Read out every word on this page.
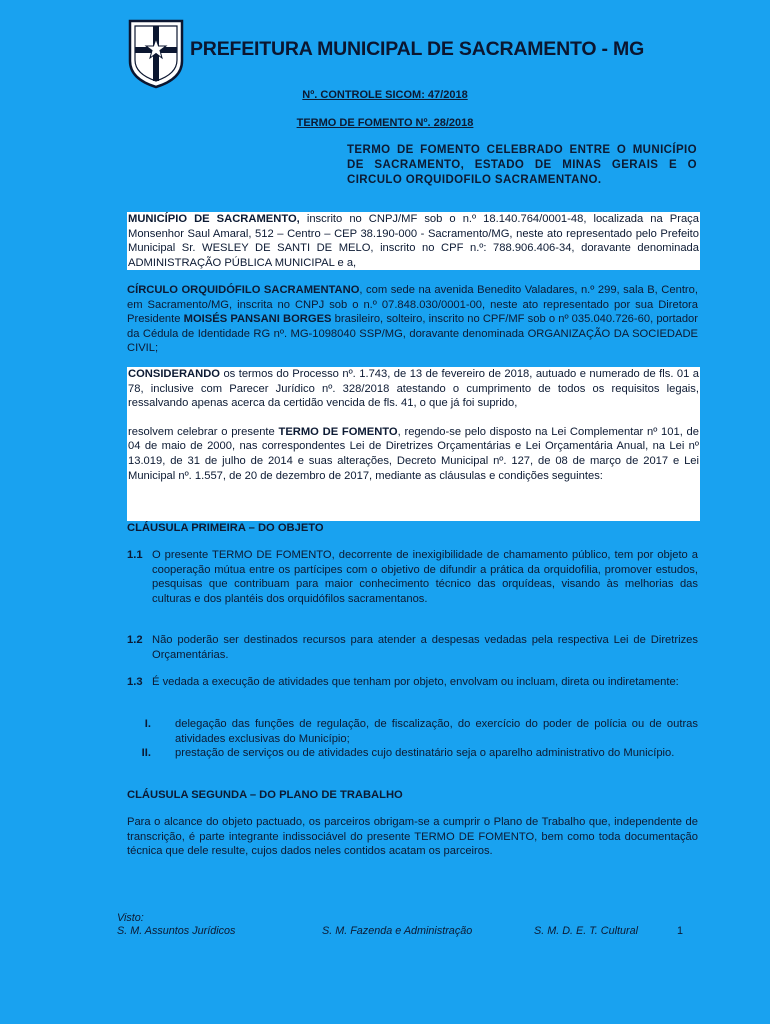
PREFEITURA MUNICIPAL DE SACRAMENTO - MG
Nº. CONTROLE SICOM: 47/2018
TERMO DE FOMENTO Nº. 28/2018
TERMO DE FOMENTO CELEBRADO ENTRE O MUNICÍPIO DE SACRAMENTO, ESTADO DE MINAS GERAIS E O CIRCULO ORQUIDOFILO SACRAMENTANO.
MUNICÍPIO DE SACRAMENTO, inscrito no CNPJ/MF sob o n.º 18.140.764/0001-48, localizada na Praça Monsenhor Saul Amaral, 512 – Centro – CEP 38.190-000 - Sacramento/MG, neste ato representado pelo Prefeito Municipal Sr. WESLEY DE SANTI DE MELO, inscrito no CPF n.º: 788.906.406-34, doravante denominada ADMINISTRAÇÃO PÚBLICA MUNICIPAL e a,
CÍRCULO ORQUIDÓFILO SACRAMENTANO, com sede na avenida Benedito Valadares, n.º 299, sala B, Centro, em Sacramento/MG, inscrita no CNPJ sob o n.º 07.848.030/0001-00, neste ato representado por sua Diretora Presidente MOISÉS PANSANI BORGES brasileiro, solteiro, inscrito no CPF/MF sob o nº 035.040.726-60, portador da Cédula de Identidade RG nº. MG-1098040 SSP/MG, doravante denominada ORGANIZAÇÃO DA SOCIEDADE CIVIL;
CONSIDERANDO os termos do Processo nº. 1.743, de 13 de fevereiro de 2018, autuado e numerado de fls. 01 a 78, inclusive com Parecer Jurídico nº. 328/2018 atestando o cumprimento de todos os requisitos legais, ressalvando apenas acerca da certidão vencida de fls. 41, o que já foi suprido,
resolvem celebrar o presente TERMO DE FOMENTO, regendo-se pelo disposto na Lei Complementar nº 101, de 04 de maio de 2000, nas correspondentes Lei de Diretrizes Orçamentárias e Lei Orçamentária Anual, na Lei nº 13.019, de 31 de julho de 2014 e suas alterações, Decreto Municipal nº. 127, de 08 de março de 2017 e Lei Municipal nº. 1.557, de 20 de dezembro de 2017, mediante as cláusulas e condições seguintes:
CLÁUSULA PRIMEIRA – DO OBJETO
1.1 O presente TERMO DE FOMENTO, decorrente de inexigibilidade de chamamento público, tem por objeto a cooperação mútua entre os partícipes com o objetivo de difundir a prática da orquidofilia, promover estudos, pesquisas que contribuam para maior conhecimento técnico das orquídeas, visando às melhorias das culturas e dos plantéis dos orquidófilos sacramentanos.
1.2 Não poderão ser destinados recursos para atender a despesas vedadas pela respectiva Lei de Diretrizes Orçamentárias.
1.3 É vedada a execução de atividades que tenham por objeto, envolvam ou incluam, direta ou indiretamente:
I. delegação das funções de regulação, de fiscalização, do exercício do poder de polícia ou de outras atividades exclusivas do Município;
II. prestação de serviços ou de atividades cujo destinatário seja o aparelho administrativo do Município.
CLÁUSULA SEGUNDA – DO PLANO DE TRABALHO
Para o alcance do objeto pactuado, os parceiros obrigam-se a cumprir o Plano de Trabalho que, independente de transcrição, é parte integrante indissociável do presente TERMO DE FOMENTO, bem como toda documentação técnica que dele resulte, cujos dados neles contidos acatam os parceiros.
Visto:
S. M. Assuntos Jurídicos	S. M. Fazenda e Administração	S. M. D. E. T. Cultural	1
